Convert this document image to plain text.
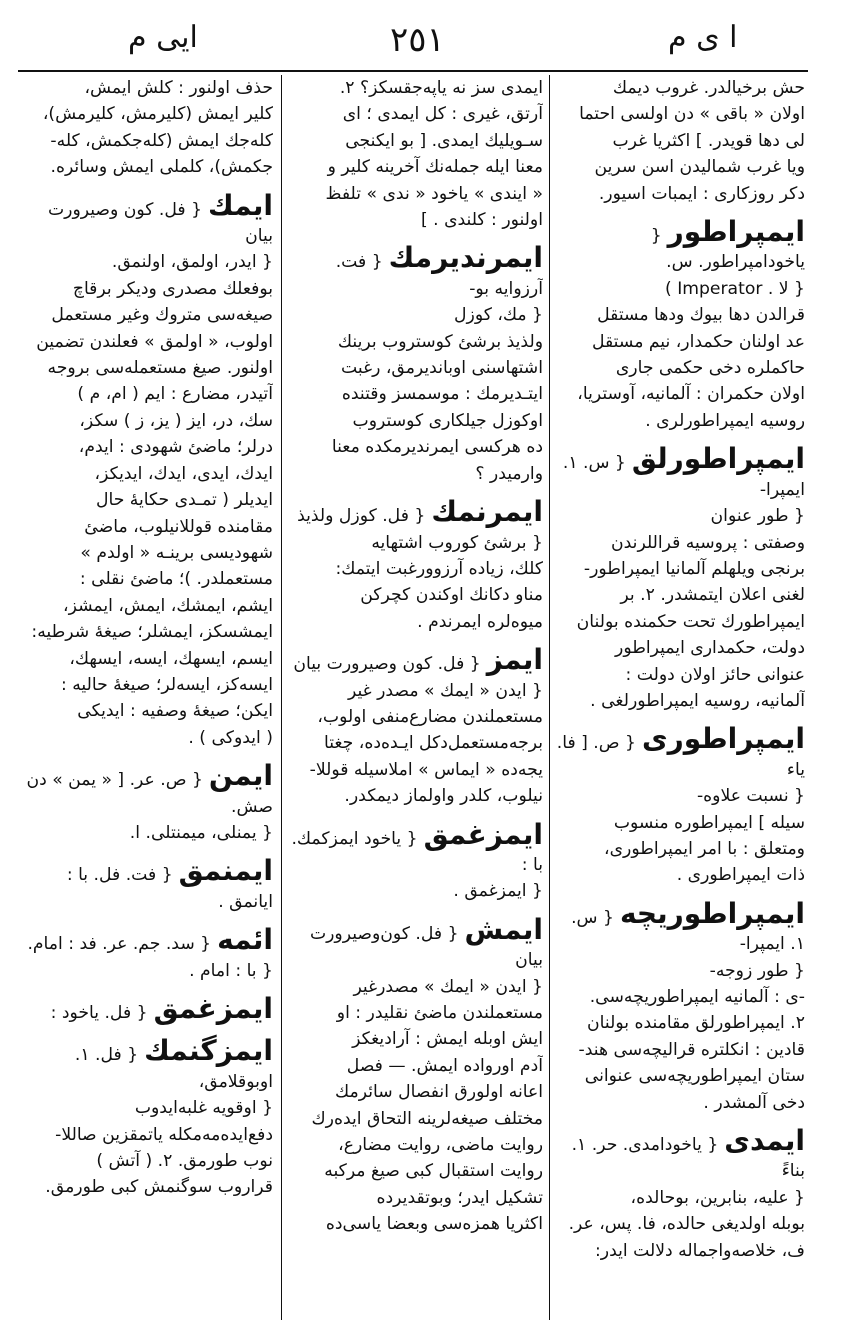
ایی م	٢٥١	ا ی م
حش برخیالدر. غروب دیمك
اولان « باقی » دن اولسی احتما
لی دها قویدر. ] اکثریا غرب
ویا غرب شمالیدن اسن سرین
دکر روزکاری : ایمبات اسیور.
ایمپراطور{ یاخودامپراطور. س.

{ لا . Imperator )
قرالدن دها بیوك ودها مستقل
عد اولنان حکمدار، نیم مستقل
حاکملره دخی حکمی جاری
اولان حکمران : آلمانیه، آوستریا،
روسیه ایمپراطورلری .
ایمپراطورلق{ س. ١. ایمپرا-

{ طور عنوان
وصفتی : پروسیه قراللرندن
برنجی ویلهلم آلمانیا ایمپراطور-
لغنی اعلان ایتمشدر. ٢. بر
ایمپراطورك تحت حکمنده بولنان
دولت، حکمداری ایمپراطور
عنوانی حائز اولان دولت :
آلمانیه، روسیه ایمپراطورلغی .
ایمپراطوری{ ص. [ فا. یاء

{ نسبت علاوه-
سیله ] ایمپراطوره منسوب
ومتعلق : با امر ایمپراطوری،
ذات ایمپراطوری .
ایمپراطوریچه{ س. ١. ایمپرا-

{ طور زوجه-
-ی : آلمانیه ایمپراطوریچه‌سی.
٢. ایمپراطورلق مقامنده بولنان
قادین : انکلتره قرالیچه‌سی هند-
ستان ایمپراطوریچه‌سی عنوانی
دخی آلمشدر .
ایمدی{ یاخودامدی. حر. ١. بناءً

{ علیه، بنابرین، بوحالده،
بوبله اولدیغی حالده، فا. پس، عر.
ف، خلاصه‌واجماله دلالت ایدر:
ایمدی سز نه یاپه‌جقسکز؟ ٢.
آرتق، غیری : کل ایمدی ؛ ای
سـویلیك ایمدی. [ بو ایکنجی
معنا ایله جمله‌نك آخرینه کلیر و
« ایندی » یاخود « ندی » تلفظ
اولنور : کلندی . ]
ایمرندیرمك{ فت. آرزوایه ‌بو-

{ مك، کوزل
ولذیذ برشئ کوستروب برینك
اشتهاسنی اوباندیرمق، رغبت
ایتـدیرمك : موسمسز وقتنده
اوکوزل جیلکاری کوستروب
ده هرکسی ایمرندیرمکده معنا
وارمیدر ؟
ایمرنمك{ فل. کوزل ولذیذ

{ برشئ کوروب اشتهایه
کلك، زیاده آرزوورغبت ایتمك:
مناو دکانك اوکندن کچرکن
میوه‌لره ایمرندم .
ایمز{ فل. کون وصیرورت بیان

{ ایدن « ایمك » مصدر غیر
مستعملندن مضارع‌منفی اولوب،
برجه‌مستعمل‌دکل ایـده‌ده، چغتا
یجه‌ده « ایماس » املاسیله قوللا-
نیلوب، کلدر واولماز دیمکدر.
ایمزغمق{ یاخود ایمزکمك. با :

{ ایمزغمق .
ایمش{ فل. کون‌وصیرورت بیان

{ ایدن « ایمك » مصدرغیر
مستعملندن ماضئ نقلیدر : او
ایش اوبله ایمش : آرادیغکز
آدم اورواده ایمش. — فصل
اعانه اولورق انفصال سائرمك
مختلف صیغه‌لرینه التحاق ایده‌رك
روایت ماضی، روایت مضارع،
روایت استقبال کبی صیغ مرکبه
تشکیل ایدر؛ وبوتقدیرده
اکثریا همزه‌سی وبعضا یاسی‌ده
حذف اولنور : کلش ایمش،
کلیر ایمش (کلیرمش، کلیرمش)،
کله‌جك ایمش (کله‌جکمش، کله‌-
جکمش)، کلملی ایمش وسائره.
ایمك{ فل. کون وصیرورت بیان

{ ایدر، اولمق، اولنمق.
بوفعلك مصدری ودیکر برقاچ
صیغه‌سی متروك وغیر مستعمل
اولوب، « اولمق » فعلندن تضمین
اولنور. صیغ مستعمله‌سی بروجه
آتیدر، مضارع : ایم ( ام، م )
سك، در، ایز ( یز، ز ) سکز،
درلر؛ ماضئ شهودی : ایدم،
ایدك، ایدی، ایدك، ایدیکز،
ایدیلر ( تمـدی حکایهٔ حال
مقامنده قوللانیلوب، ماضئ
شهودیسی برینـه « اولدم »
مستعملدر. )؛ ماضئ نقلی :
ایشم، ایمشك، ایمش، ایمشز،
ایمشسکز، ایمشلر؛ صیغهٔ شرطیه:
ایسم، ایسهك، ایسه، ایسهك،
ایسه‌کز، ایسه‌لر؛ صیغهٔ حالیه :
ایکن؛ صیغهٔ وصفیه : ایدیکی
( ایدوکی ) .
ایمن{ ص. عر. [ « یمن » دن صش.

{ یمنلی، میمنتلی. ا.
ایمنمق{ فت. فل. با : ایانمق .

ائمه{ سد. جم. عر. فد : امام.

{ با : امام .
ایمزغمق{ فل. یاخود :

ایمزگنمك{ فل. ١. اوبوقلامق،

{ اوقویه غلبه‌ایدوب
دفع‌ایده‌مه‌مکله یاتمقزین صاللا-
نوب طورمق. ٢. ( آتش )
قراروب سوگنمش کبی طورمق.
